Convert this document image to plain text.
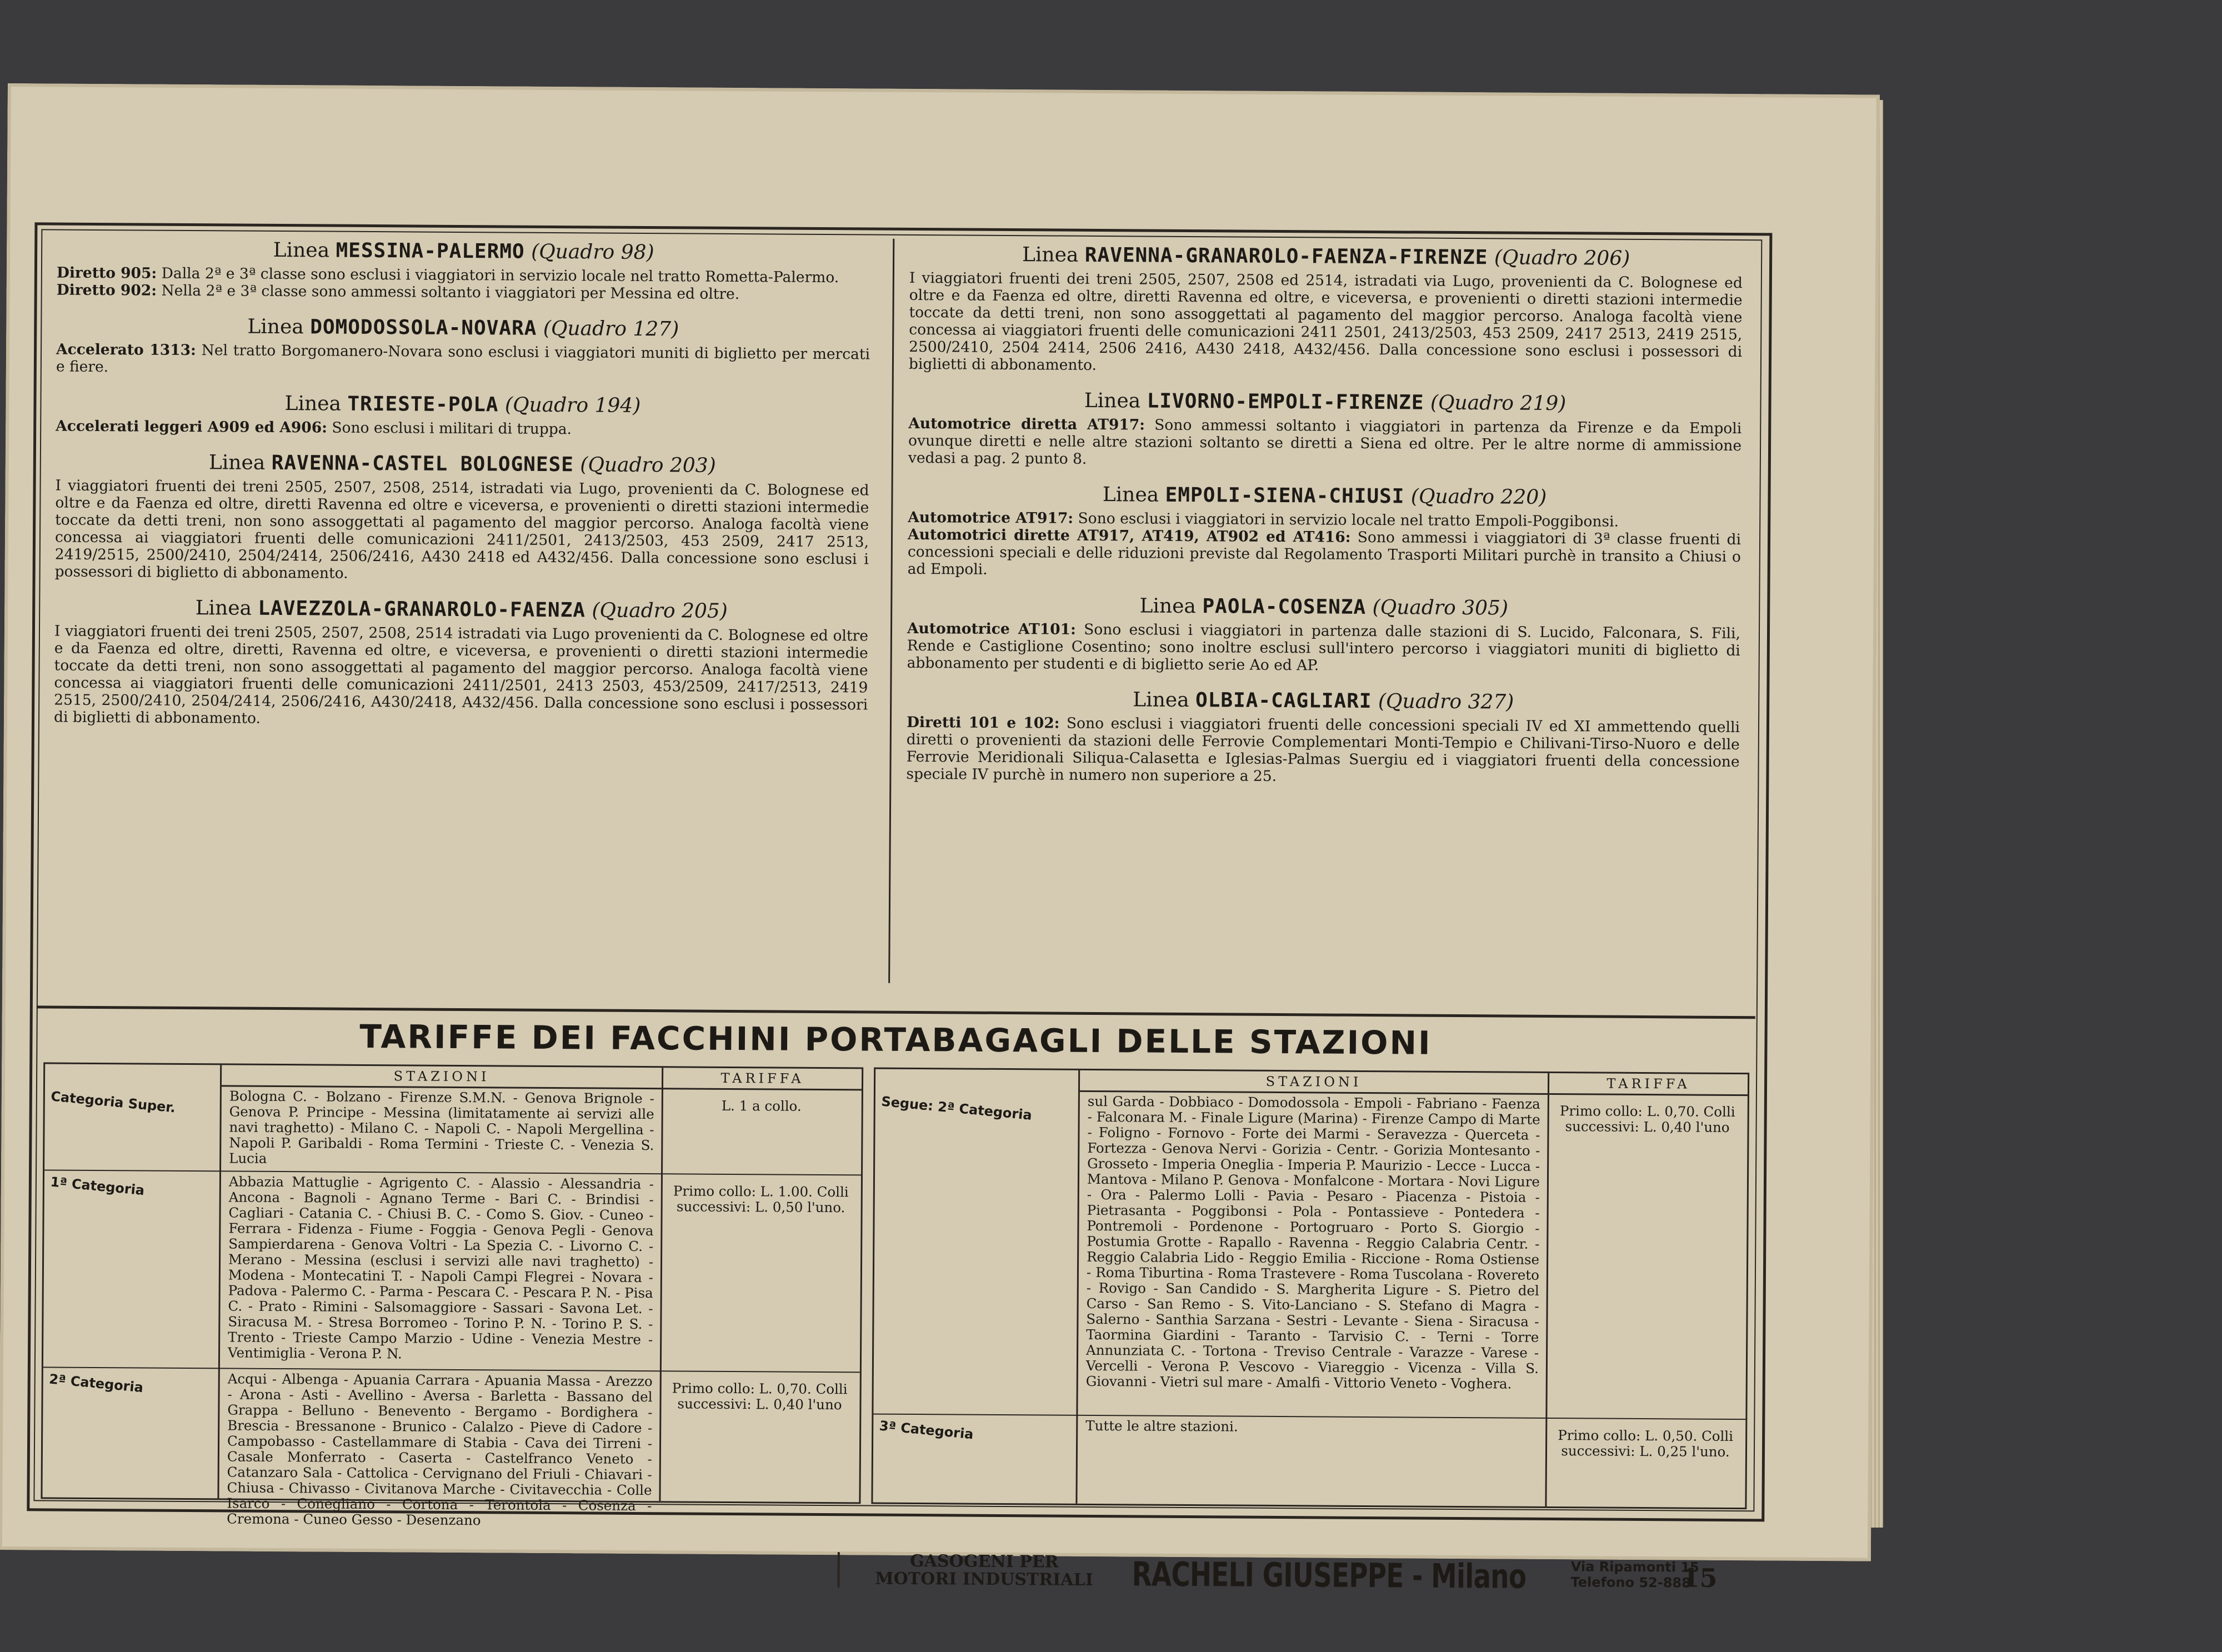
Linea MESSINA-PALERMO (Quadro 98)

Diretto 905: Dalla 2ª e 3ª classe sono esclusi i viaggiatori in servizio locale nel tratto Rometta-Palermo.

Diretto 902: Nella 2ª e 3ª classe sono ammessi soltanto i viaggiatori per Messina ed oltre.

Linea DOMODOSSOLA-NOVARA (Quadro 127)

Accelerato 1313: Nel tratto Borgomanero-Novara sono esclusi i viaggiatori muniti di biglietto per mercati e fiere.

Linea TRIESTE-POLA (Quadro 194)

Accelerati leggeri A909 ed A906: Sono esclusi i militari di truppa.

Linea RAVENNA-CASTEL BOLOGNESE (Quadro 203)

I viaggiatori fruenti dei treni 2505, 2507, 2508, 2514, istradati via Lugo, provenienti da C. Bolognese ed oltre e da Faenza ed oltre, diretti Ravenna ed oltre e viceversa, e provenienti o diretti stazioni intermedie toccate da detti treni, non sono assoggettati al pagamento del maggior percorso. Analoga facoltà viene concessa ai viaggiatori fruenti delle comunicazioni 2411/2501, 2413/2503, 453 2509, 2417 2513, 2419/2515, 2500/2410, 2504/2414, 2506/2416, A430 2418 ed A432/456. Dalla concessione sono esclusi i possessori di biglietto di abbonamento.

Linea LAVEZZOLA-GRANAROLO-FAENZA (Quadro 205)

I viaggiatori fruenti dei treni 2505, 2507, 2508, 2514 istradati via Lugo provenienti da C. Bolognese ed oltre e da Faenza ed oltre, diretti, Ravenna ed oltre, e viceversa, e provenienti o diretti stazioni intermedie toccate da detti treni, non sono assoggettati al pagamento del maggior percorso. Analoga facoltà viene concessa ai viaggiatori fruenti delle comunicazioni 2411/2501, 2413 2503, 453/2509, 2417/2513, 2419 2515, 2500/2410, 2504/2414, 2506/2416, A430/2418, A432/456. Dalla concessione sono esclusi i possessori di biglietti di abbonamento.

Linea RAVENNA-GRANAROLO-FAENZA-FIRENZE (Quadro 206)

I viaggiatori fruenti dei treni 2505, 2507, 2508 ed 2514, istradati via Lugo, provenienti da C. Bolognese ed oltre e da Faenza ed oltre, diretti Ravenna ed oltre, e viceversa, e provenienti o diretti stazioni intermedie toccate da detti treni, non sono assoggettati al pagamento del maggior percorso. Analoga facoltà viene concessa ai viaggiatori fruenti delle comunicazioni 2411 2501, 2413/2503, 453 2509, 2417 2513, 2419 2515, 2500/2410, 2504 2414, 2506 2416, A430 2418, A432/456. Dalla concessione sono esclusi i possessori di biglietti di abbonamento.

Linea LIVORNO-EMPOLI-FIRENZE (Quadro 219)

Automotrice diretta AT917: Sono ammessi soltanto i viaggiatori in partenza da Firenze e da Empoli ovunque diretti e nelle altre stazioni soltanto se diretti a Siena ed oltre. Per le altre norme di ammissione vedasi a pag. 2 punto 8.

Linea EMPOLI-SIENA-CHIUSI (Quadro 220)

Automotrice AT917: Sono esclusi i viaggiatori in servizio locale nel tratto Empoli-Poggibonsi.

Automotrici dirette AT917, AT419, AT902 ed AT416: Sono ammessi i viaggiatori di 3ª classe fruenti di concessioni speciali e delle riduzioni previste dal Regolamento Trasporti Militari purchè in transito a Chiusi o ad Empoli.

Linea PAOLA-COSENZA (Quadro 305)

Automotrice AT101: Sono esclusi i viaggiatori in partenza dalle stazioni di S. Lucido, Falconara, S. Fili, Rende e Castiglione Cosentino; sono inoltre esclusi sull'intero percorso i viaggiatori muniti di biglietto di abbonamento per studenti e di biglietto serie Ao ed AP.

Linea OLBIA-CAGLIARI (Quadro 327)

Diretti 101 e 102: Sono esclusi i viaggiatori fruenti delle concessioni speciali IV ed XI ammettendo quelli diretti o provenienti da stazioni delle Ferrovie Complementari Monti-Tempio e Chilivani-Tirso-Nuoro e delle Ferrovie Meridionali Siliqua-Calasetta e Iglesias-Palmas Suergiu ed i viaggiatori fruenti della concessione speciale IV purchè in numero non superiore a 25.

TARIFFE DEI FACCHINI PORTABAGAGLI DELLE STAZIONI
STAZIONI	TARIFFA
Categoria Super.	Bologna C. - Bolzano - Firenze S.M.N. - Genova Brignole - Genova P. Principe - Messina (limitatamente ai servizi alle navi traghetto) - Milano C. - Napoli C. - Napoli Mergellina - Napoli P. Garibaldi - Roma Termini - Trieste C. - Venezia S. Lucia
L. 1 a collo.
1ª Categoria	Abbazia Mattuglie - Agrigento C. - Alassio - Alessandria - Ancona - Bagnoli - Agnano Terme - Bari C. - Brindisi - Cagliari - Catania C. - Chiusi B. C. - Como S. Giov. - Cuneo - Ferrara - Fidenza - Fiume - Foggia - Genova Pegli - Genova Sampierdarena - Genova Voltri - La Spezia C. - Livorno C. - Merano - Messina (esclusi i servizi alle navi traghetto) - Modena - Montecatini T. - Napoli Campi Flegrei - Novara - Padova - Palermo C. - Parma - Pescara C. - Pescara P. N. - Pisa C. - Prato - Rimini - Salsomaggiore - Sassari - Savona Let. - Siracusa M. - Stresa Borromeo - Torino P. N. - Torino P. S. - Trento - Trieste Campo Marzio - Udine - Venezia Mestre - Ventimiglia - Verona P. N.
Primo collo: L. 1.00. Colli successivi: L. 0,50 l'uno.
2ª Categoria	Acqui - Albenga - Apuania Carrara - Apuania Massa - Arezzo - Arona - Asti - Avellino - Aversa - Barletta - Bassano del Grappa - Belluno - Benevento - Bergamo - Bordighera - Brescia - Bressanone - Brunico - Calalzo - Pieve di Cadore - Campobasso - Castellammare di Stabia - Cava dei Tirreni - Casale Monferrato - Caserta - Castelfranco Veneto - Catanzaro Sala - Cattolica - Cervignano del Friuli - Chiavari - Chiusa - Chivasso - Civitanova Marche - Civitavecchia - Colle Isarco - Conegliano - Cortona - Terontola - Cosenza - Cremona - Cuneo Gesso - Desenzano
Primo collo: L. 0,70. Colli successivi: L. 0,40 l'uno
STAZIONI	TARIFFA
Segue: 2ª Categoria	sul Garda - Dobbiaco - Domodossola - Empoli - Fabriano - Faenza - Falconara M. - Finale Ligure (Marina) - Firenze Campo di Marte - Foligno - Fornovo - Forte dei Marmi - Seravezza - Querceta - Fortezza - Genova Nervi - Gorizia - Centr. - Gorizia Montesanto - Grosseto - Imperia Oneglia - Imperia P. Maurizio - Lecce - Lucca - Mantova - Milano P. Genova - Monfalcone - Mortara - Novi Ligure - Ora - Palermo Lolli - Pavia - Pesaro - Piacenza - Pistoia - Pietrasanta - Poggibonsi - Pola - Pontassieve - Pontedera - Pontremoli - Pordenone - Portogruaro - Porto S. Giorgio - Postumia Grotte - Rapallo - Ravenna - Reggio Calabria Centr. - Reggio Calabria Lido - Reggio Emilia - Riccione - Roma Ostiense - Roma Tiburtina - Roma Trastevere - Roma Tuscolana - Rovereto - Rovigo - San Candido - S. Margherita Ligure - S. Pietro del Carso - San Remo - S. Vito-Lanciano - S. Stefano di Magra - Salerno - Santhia Sarzana - Sestri - Levante - Siena - Siracusa - Taormina Giardini - Taranto - Tarvisio C. - Terni - Torre Annunziata C. - Tortona - Treviso Centrale - Varazze - Varese - Vercelli - Verona P. Vescovo - Viareggio - Vicenza - Villa S. Giovanni - Vietri sul mare - Amalfi - Vittorio Veneto - Voghera.
Primo collo: L. 0,70. Colli successivi: L. 0,40 l'uno
3ª Categoria	Tutte le altre stazioni.
Primo collo: L. 0,50. Colli successivi: L. 0,25 l'uno.
GASOGENI PER
MOTORI INDUSTRIALI	RACHELI GIUSEPPE - Milano	Via Ripamonti 15
Telefono 52-888
15
